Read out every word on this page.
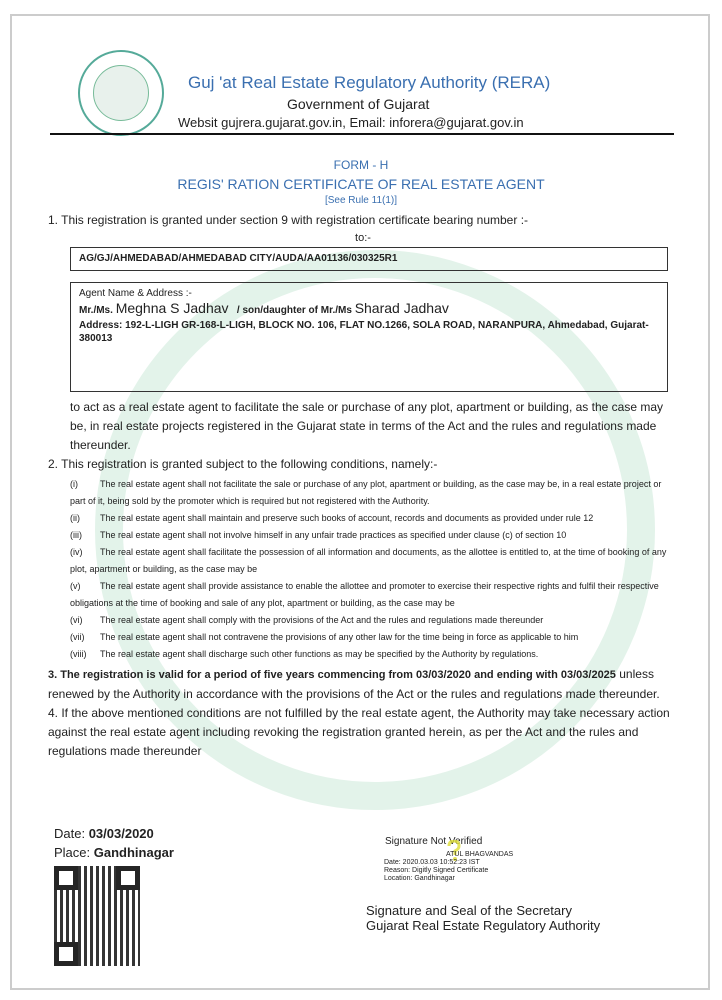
Guj 'at Real Estate Regulatory Authority (RERA)
Government of Gujarat
Websit gujrera.gujarat.gov.in, Email: inforera@gujarat.gov.in
FORM - H
REGIS' RATION CERTIFICATE OF REAL ESTATE AGENT
[See Rule 11(1)]
1. This registration is granted under section 9 with registration certificate bearing number :-
to:-
AG/GJ/AHMEDABAD/AHMEDABAD CITY/AUDA/AA01136/030325R1
Agent Name & Address :-
Mr./Ms. Meghna S Jadhav / son/daughter of Mr./Ms Sharad Jadhav
Address: 192-L-LIGH GR-168-L-LIGH, BLOCK NO. 106, FLAT NO.1266, SOLA ROAD, NARANPURA, Ahmedabad, Gujarat-380013
to act as a real estate agent to facilitate the sale or purchase of any plot, apartment or building, as the case may be, in real estate projects registered in the Gujarat state in terms of the Act and the rules and regulations made thereunder.
2. This registration is granted subject to the following conditions, namely:-
(i) The real estate agent shall not facilitate the sale or purchase of any plot, apartment or building, as the case may be, in a real estate project or part of it, being sold by the promoter which is required but not registered with the Authority.
(ii) The real estate agent shall maintain and preserve such books of account, records and documents as provided under rule 12
(iii) The real estate agent shall not involve himself in any unfair trade practices as specified under clause (c) of section 10
(iv) The real estate agent shall facilitate the possession of all information and documents, as the allottee is entitled to, at the time of booking of any plot, apartment or building, as the case may be
(v) The real estate agent shall provide assistance to enable the allottee and promoter to exercise their respective rights and fulfil their respective obligations at the time of booking and sale of any plot, apartment or building, as the case may be
(vi) The real estate agent shall comply with the provisions of the Act and the rules and regulations made thereunder
(vii) The real estate agent shall not contravene the provisions of any other law for the time being in force as applicable to him
(viii) The real estate agent shall discharge such other functions as may be specified by the Authority by regulations.
3. The registration is valid for a period of five years commencing from 03/03/2020 and ending with 03/03/2025 unless renewed by the Authority in accordance with the provisions of the Act or the rules and regulations made thereunder.
4. If the above mentioned conditions are not fulfilled by the real estate agent, the Authority may take necessary action against the real estate agent including revoking the registration granted herein, as per the Act and the rules and regulations made thereunder
Date: 03/03/2020
Place: Gandhinagar
Signature Not Verified
ATUL BHAGVANDAS
Date: 2020.03.03 10:52:23 IST
Reason: Digitly Signed Certificate
Location: Gandhinagar
Signature and Seal of the Secretary
Gujarat Real Estate Regulatory Authority
